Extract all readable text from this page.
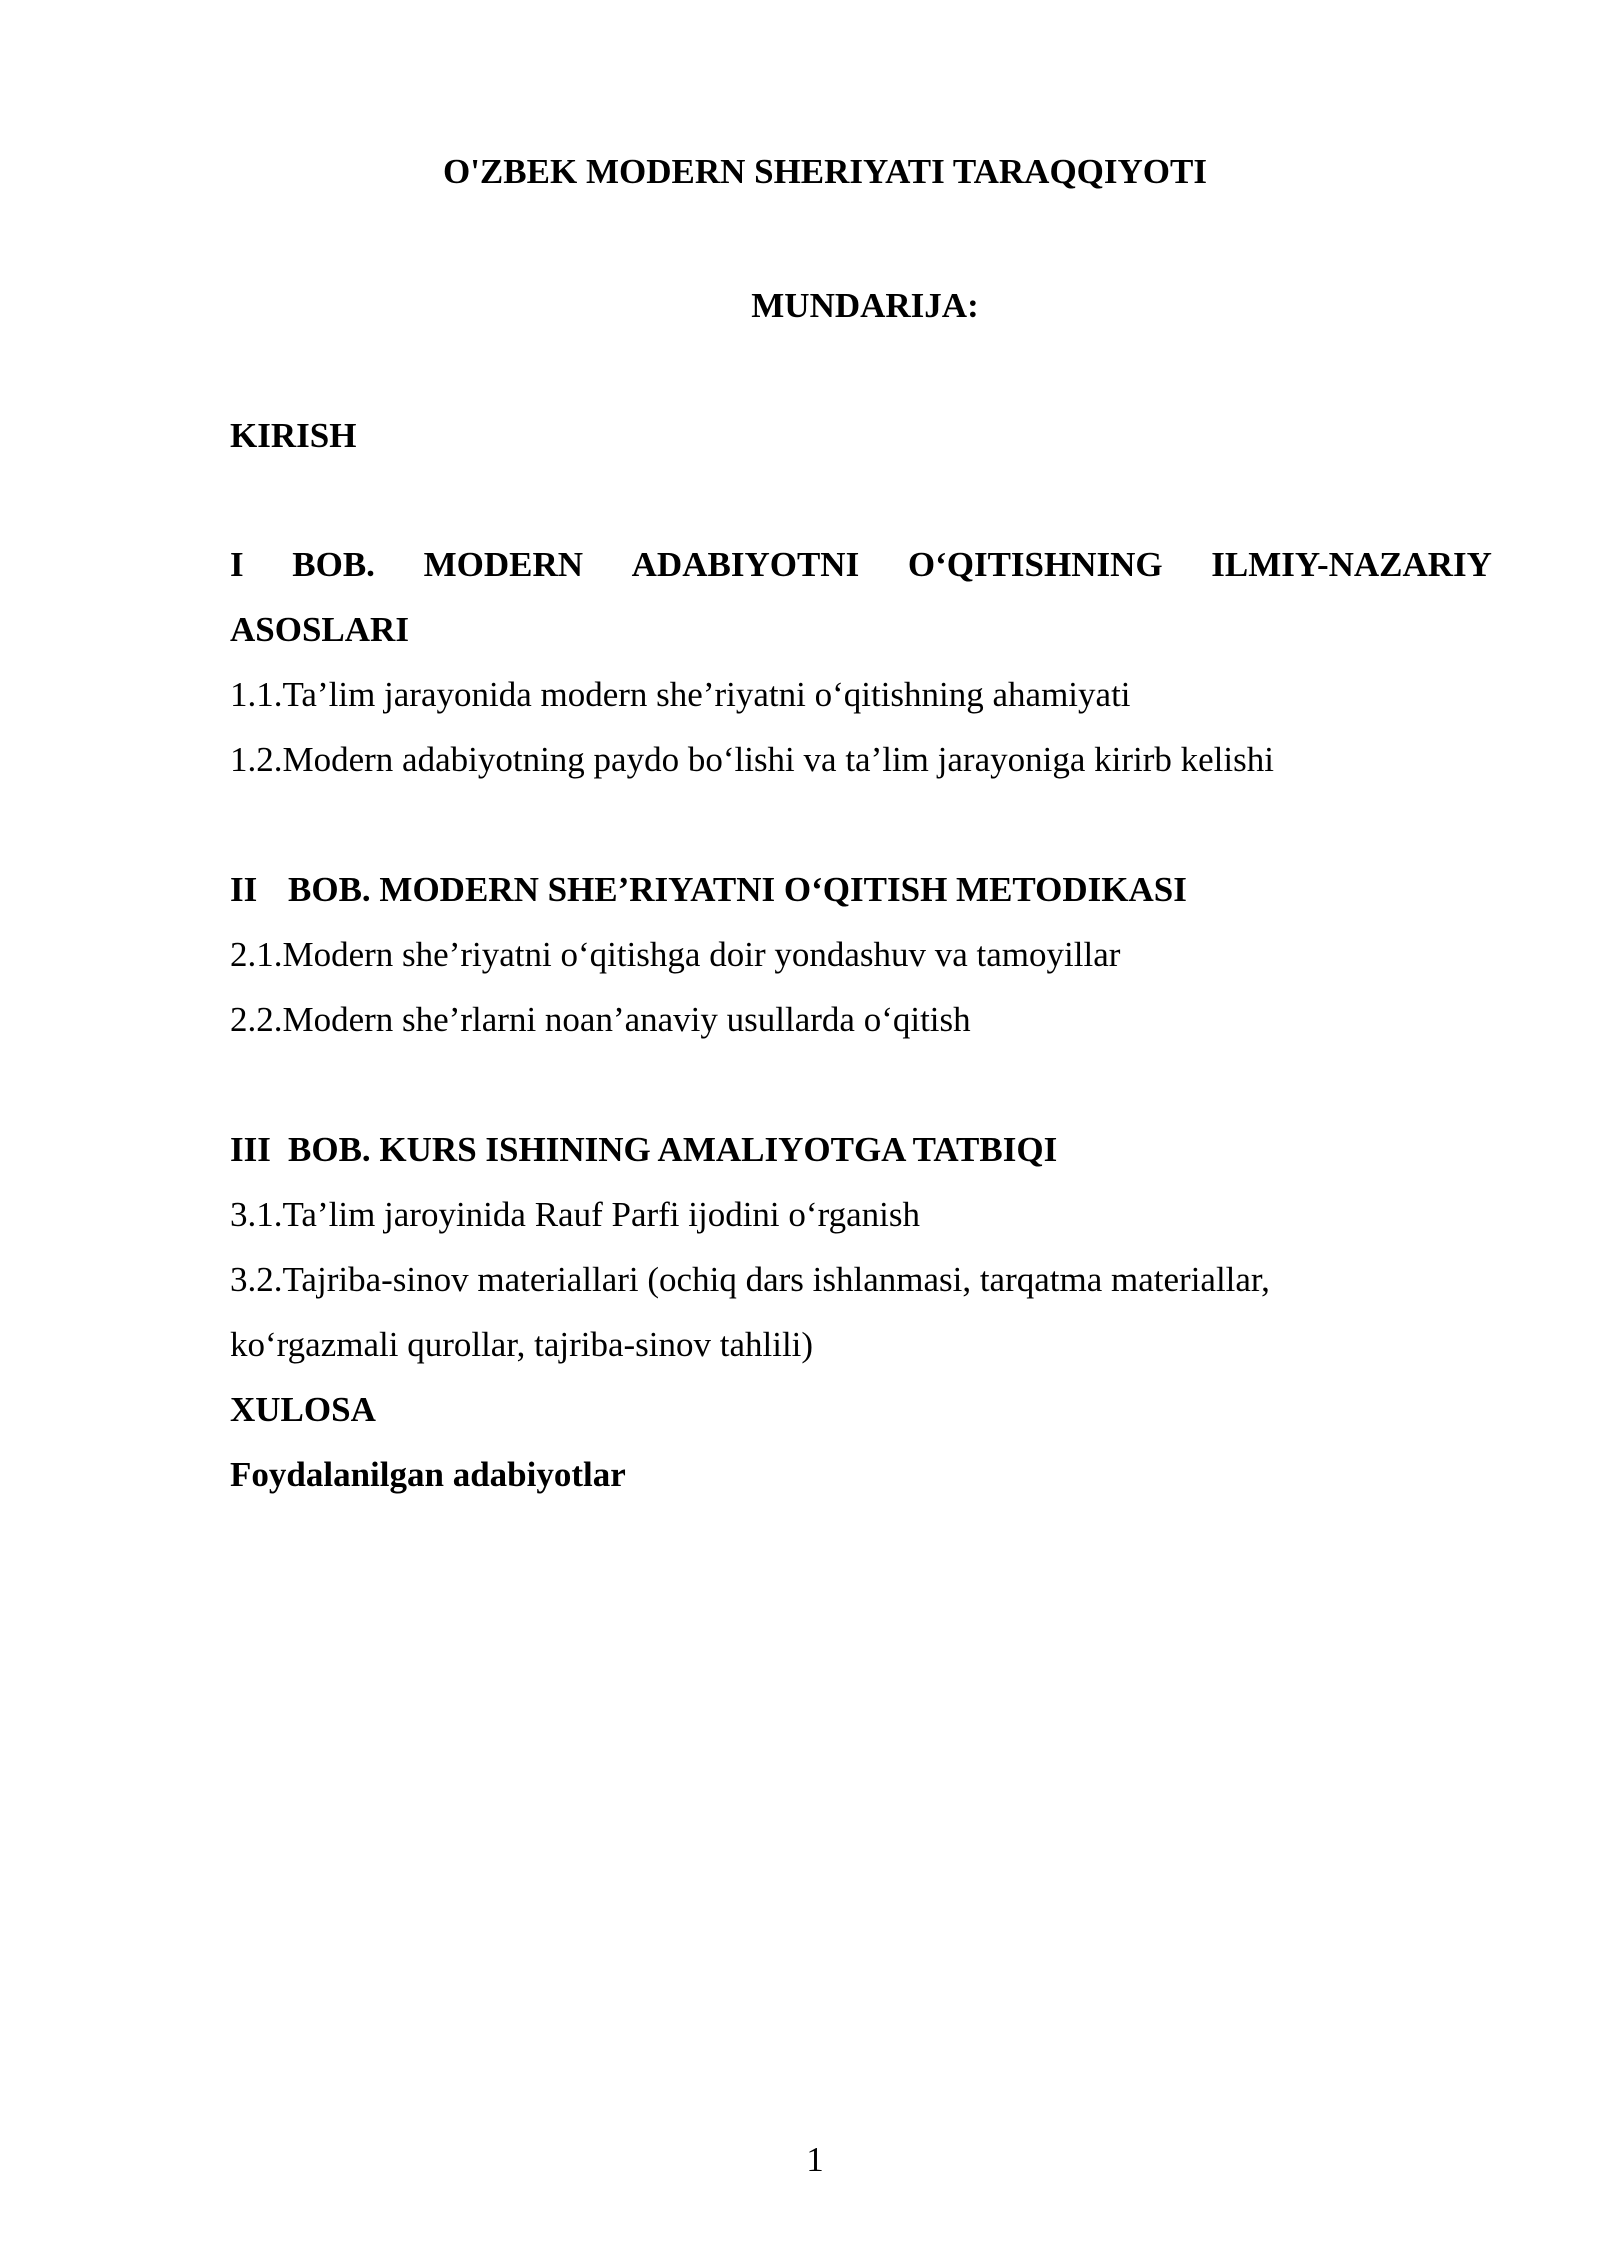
O'ZBEK MODERN SHERIYATI TARAQQIYOTI
MUNDARIJA:
KIRISH
I BOB. MODERN ADABIYOTNI O‘QITISHNING ILMIY-NAZARIY
ASOSLARI
1.1.Ta’lim jarayonida modern she’riyatni o‘qitishning ahamiyati
1.2.Modern adabiyotning paydo bo‘lishi va ta’lim jarayoniga kirirb kelishi
II BOB. MODERN SHE’RIYATNI O‘QITISH METODIKASI
2.1.Modern she’riyatni o‘qitishga doir yondashuv va tamoyillar
2.2.Modern she’rlarni noan’anaviy usullarda o‘qitish
III BOB. KURS ISHINING AMALIYOTGA TATBIQI
3.1.Ta’lim jaroyinida Rauf Parfi ijodini o‘rganish
3.2.Tajriba-sinov materiallari (ochiq dars ishlanmasi, tarqatma materiallar,
ko‘rgazmali qurollar, tajriba-sinov tahlili)
XULOSA
Foydalanilgan adabiyotlar
1
